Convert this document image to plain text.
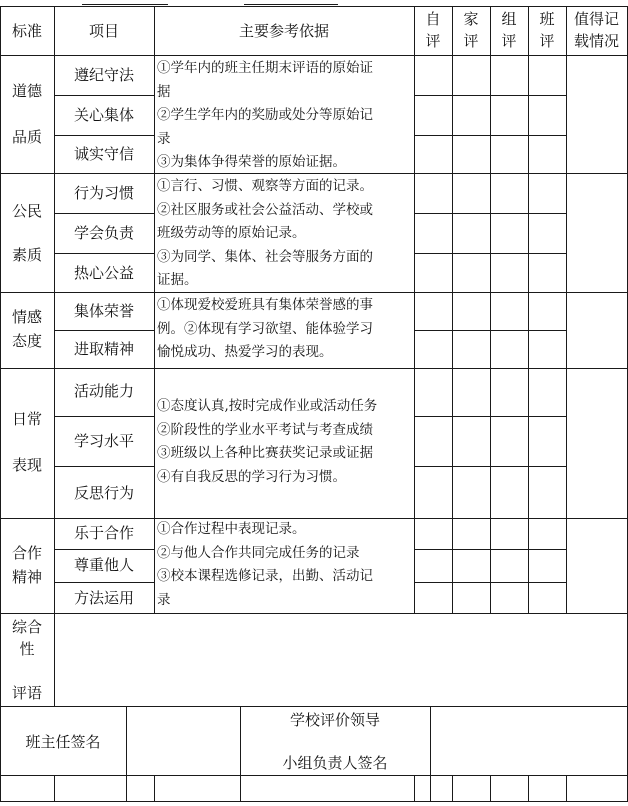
标准	项目	主要参考依据
自
评
家
评
组
评
班
评
值得记
载情况
道德
品质
遵纪守法
关心集体
诚实守信
①学年内的班主任期末评语的原始证
据
②学生学年内的奖励或处分等原始记
录
③为集体争得荣誉的原始证据。
公民
素质
行为习惯
学会负责
热心公益
①言行、习惯、观察等方面的记录。
②社区服务或社会公益活动、学校或
班级劳动等的原始记录。
③为同学、集体、社会等服务方面的
证据。
情感
态度
集体荣誉
进取精神
①体现爱校爱班具有集体荣誉感的事
例。②体现有学习欲望、能体验学习
愉悦成功、热爱学习的表现。
日常
表现
活动能力
学习水平
反思行为
①态度认真,按时完成作业或活动任务
②阶段性的学业水平考试与考查成绩
③班级以上各种比赛获奖记录或证据
④有自我反思的学习行为习惯。
合作
精神
乐于合作
尊重他人
方法运用
①合作过程中表现记录。
②与他人合作共同完成任务的记录
③校本课程选修记录，出勤、活动记
录
综合
性
评语
班主任签名
学校评价领导
小组负责人签名
